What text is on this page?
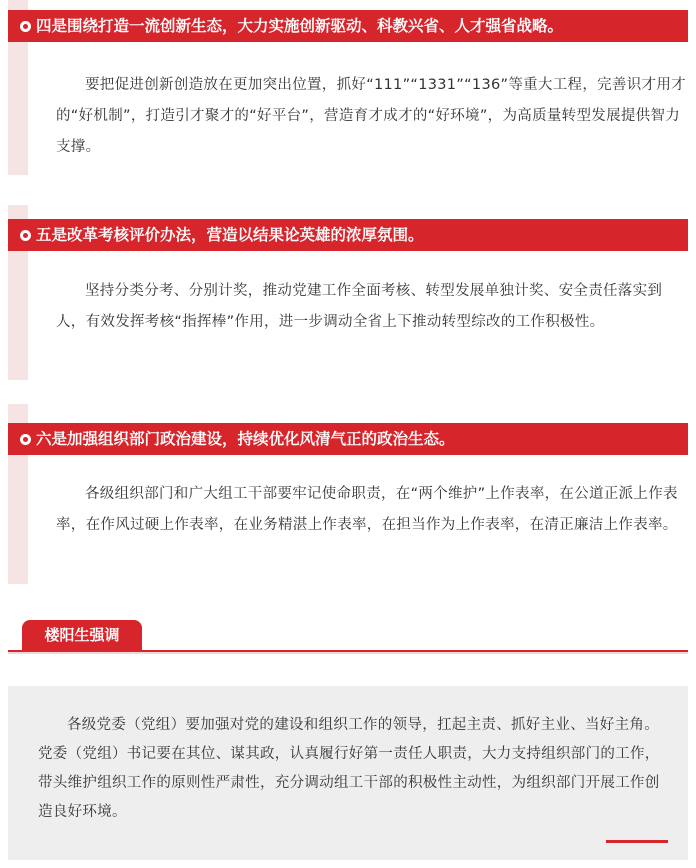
四是围绕打造一流创新生态，大力实施创新驱动、科教兴省、人才强省战略。
要把促进创新创造放在更加突出位置，抓好“111”“1331”“136”等重大工程，完善识才用才的“好机制”，打造引才聚才的“好平台”，营造育才成才的“好环境”，为高质量转型发展提供智力支撑。
五是改革考核评价办法，营造以结果论英雄的浓厚氛围。
坚持分类分考、分别计奖，推动党建工作全面考核、转型发展单独计奖、安全责任落实到人，有效发挥考核“指挥棒”作用，进一步调动全省上下推动转型综改的工作积极性。
六是加强组织部门政治建设，持续优化风清气正的政治生态。
各级组织部门和广大组工干部要牢记使命职责，在“两个维护”上作表率，在公道正派上作表率，在作风过硬上作表率，在业务精湛上作表率，在担当作为上作表率，在清正廉洁上作表率。
楼阳生强调
各级党委（党组）要加强对党的建设和组织工作的领导，扛起主责、抓好主业、当好主角。党委（党组）书记要在其位、谋其政，认真履行好第一责任人职责，大力支持组织部门的工作，带头维护组织工作的原则性严肃性，充分调动组工干部的积极性主动性，为组织部门开展工作创造良好环境。
